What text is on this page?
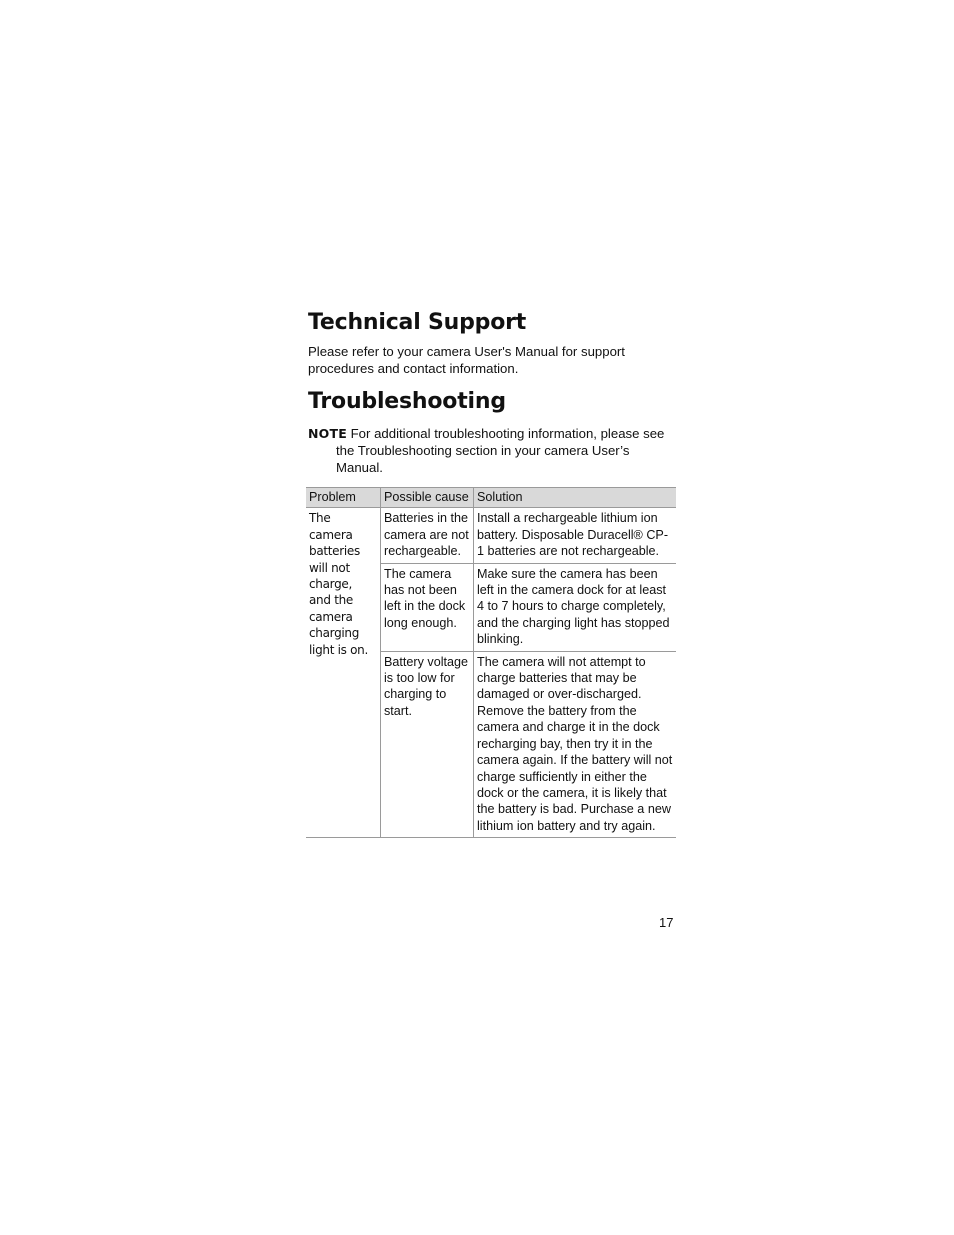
Technical Support

Please refer to your camera User's Manual for support procedures and contact information.

Troubleshooting

NOTE For additional troubleshooting information, please see the Troubleshooting section in your camera User’s Manual.

Problem	Possible cause	Solution
The camera batteries will not charge, and the camera charging light is on.	Batteries in the camera are not rechargeable.	Install a rechargeable lithium ion battery. Disposable Duracell® CP-1 batteries are not rechargeable.
	The camera has not been left in the dock long enough.	Make sure the camera has been left in the camera dock for at least 4 to 7 hours to charge completely, and the charging light has stopped blinking.
	Battery voltage is too low for charging to start.	The camera will not attempt to charge batteries that may be damaged or over-discharged. Remove the battery from the camera and charge it in the dock recharging bay, then try it in the camera again. If the battery will not charge sufficiently in either the dock or the camera, it is likely that the battery is bad. Purchase a new lithium ion battery and try again.
17
